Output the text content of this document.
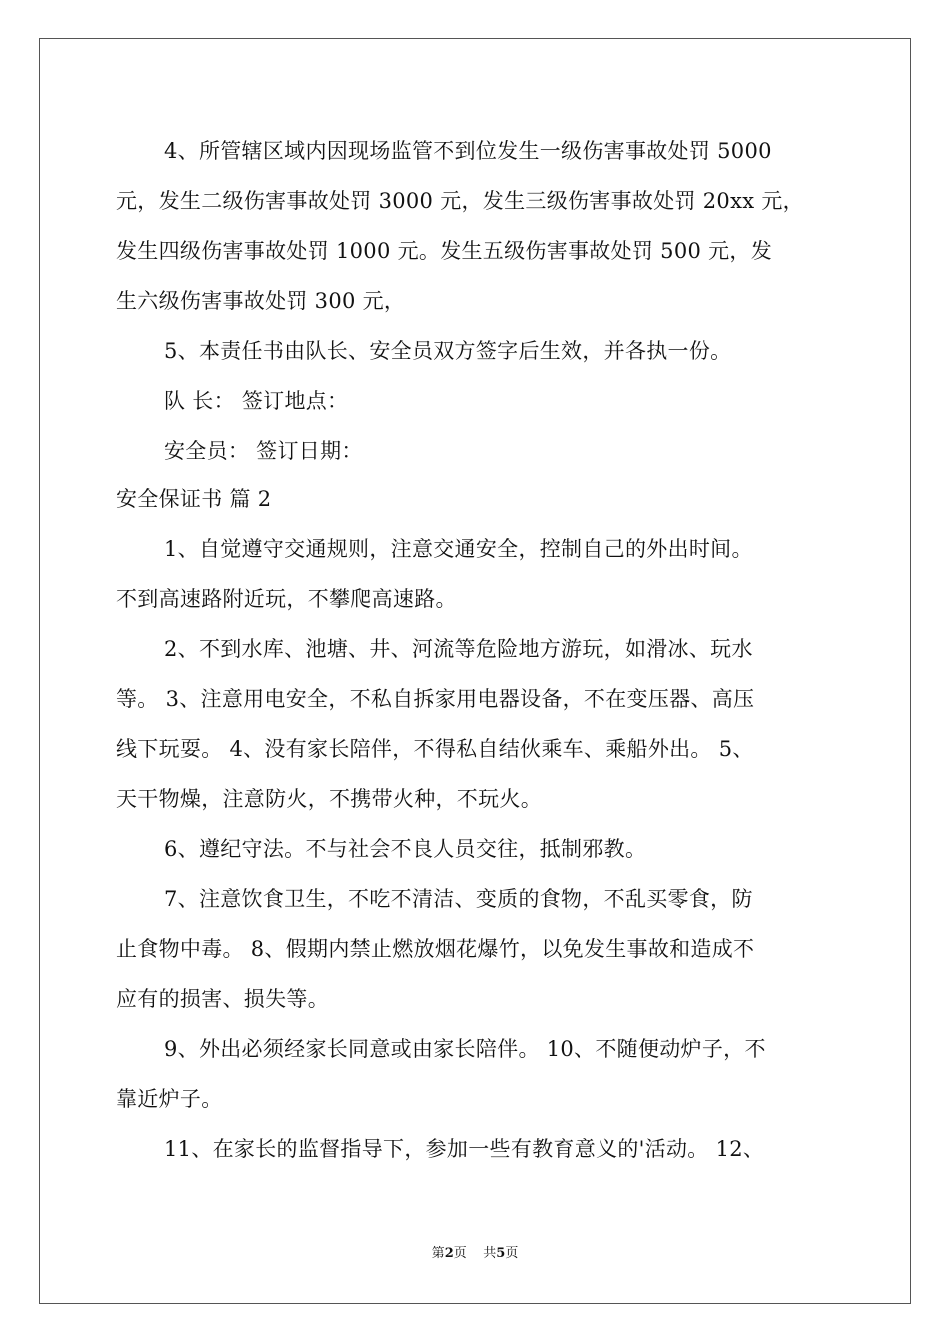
4、所管辖区域内因现场监管不到位发生一级伤害事故处罚 5000
元，发生二级伤害事故处罚 3000 元，发生三级伤害事故处罚 20xx 元，
发生四级伤害事故处罚 1000 元。发生五级伤害事故处罚 500 元，发
生六级伤害事故处罚 300 元，
5、本责任书由队长、安全员双方签字后生效，并各执一份。
队 长： 签订地点：
安全员： 签订日期：
安全保证书 篇 2
1、自觉遵守交通规则，注意交通安全，控制自己的外出时间。
不到高速路附近玩，不攀爬高速路。
2、不到水库、池塘、井、河流等危险地方游玩，如滑冰、玩水
等。 3、注意用电安全，不私自拆家用电器设备，不在变压器、高压
线下玩耍。 4、没有家长陪伴，不得私自结伙乘车、乘船外出。 5、
天干物燥，注意防火，不携带火种，不玩火。
6、遵纪守法。不与社会不良人员交往，抵制邪教。
7、注意饮食卫生，不吃不清洁、变质的食物，不乱买零食，防
止食物中毒。 8、假期内禁止燃放烟花爆竹，以免发生事故和造成不
应有的损害、损失等。
9、外出必须经家长同意或由家长陪伴。 10、不随便动炉子，不
靠近炉子。
11、在家长的监督指导下，参加一些有教育意义的'活动。 12、
第2页    共5页
